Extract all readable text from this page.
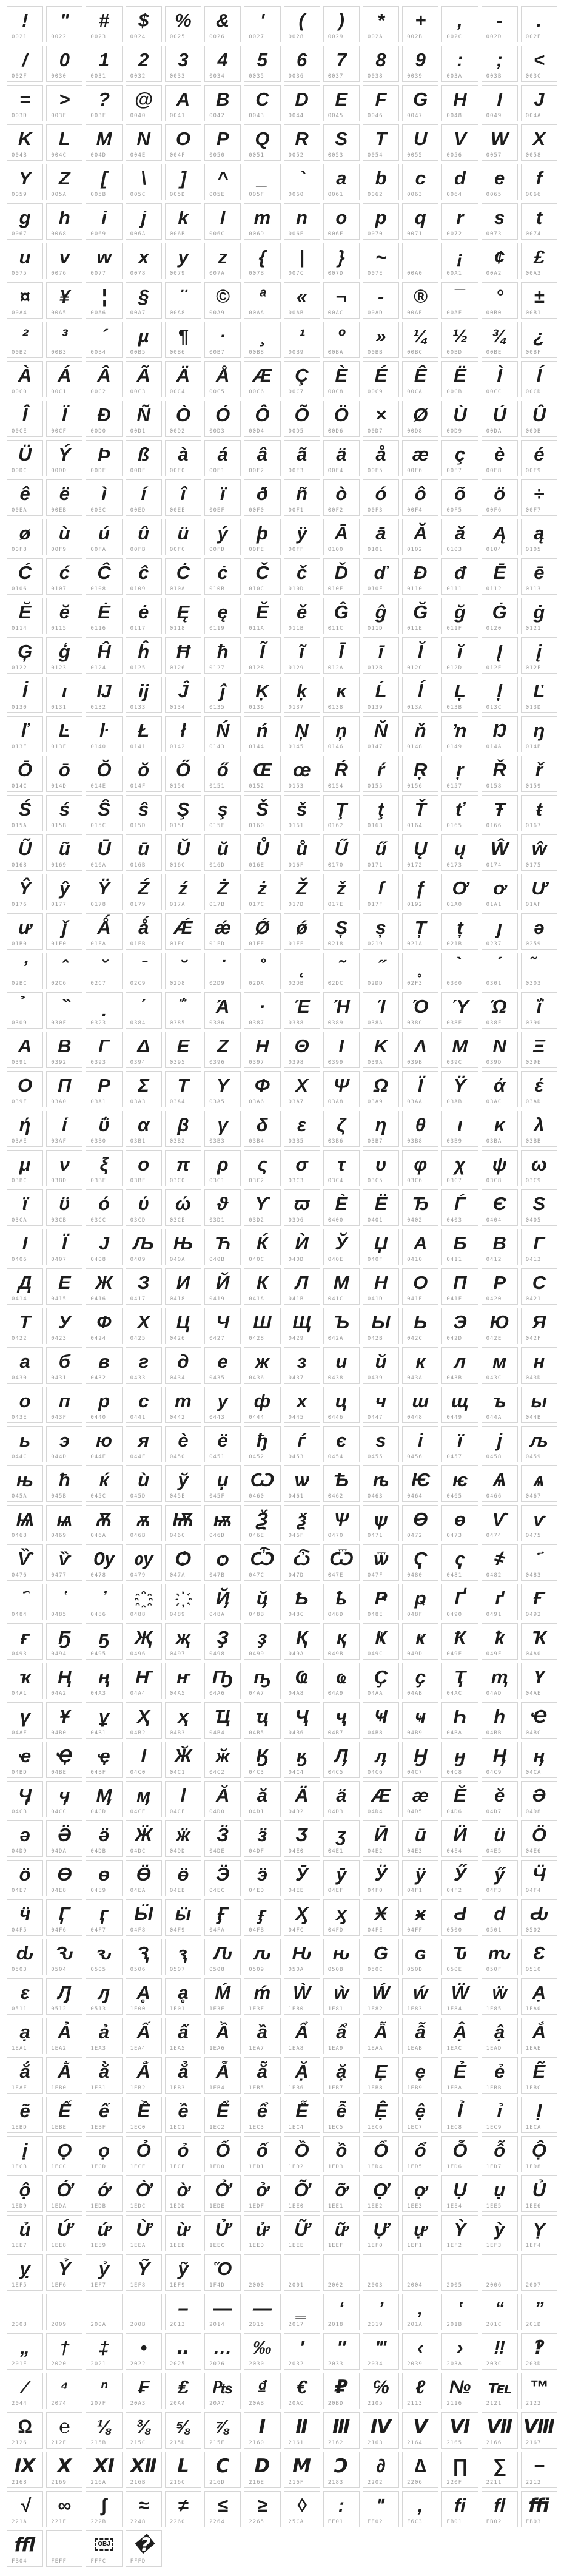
!
0021
"
0022
#
0023
$
0024
%
0025
&
0026
'
0027
(
0028
)
0029
*
002A
+
002B
,
002C
-
002D
.
002E
/
002F
0
0030
1
0031
2
0032
3
0033
4
0034
5
0035
6
0036
7
0037
8
0038
9
0039
:
003A
;
003B
<
003C
=
003D
>
003E
?
003F
@
0040
A
0041
B
0042
C
0043
D
0044
E
0045
F
0046
G
0047
H
0048
I
0049
J
004A
K
004B
L
004C
M
004D
N
004E
O
004F
P
0050
Q
0051
R
0052
S
0053
T
0054
U
0055
V
0056
W
0057
X
0058
Y
0059
Z
005A
[
005B
\
005C
]
005D
^
005E
_
005F
`
0060
a
0061
b
0062
c
0063
d
0064
e
0065
f
0066
g
0067
h
0068
i
0069
j
006A
k
006B
l
006C
m
006D
n
006E
o
006F
p
0070
q
0071
r
0072
s
0073
t
0074
u
0075
v
0076
w
0077
x
0078
y
0079
z
007A
{
007B
|
007C
}
007D
~
007E
	00A0
¡
00A1
¢
00A2
£
00A3
¤
00A4
¥
00A5
¦
00A6
§
00A7
¨
00A8
©
00A9
ª
00AA
«
00AB
¬
00AC
-
00AD
®
00AE
¯
00AF
°
00B0
±
00B1
²
00B2
³
00B3
´
00B4
µ
00B5
¶
00B6
·
00B7
¸
00B8
¹
00B9
º
00BA
»
00BB
¼
00BC
½
00BD
¾
00BE
¿
00BF
À
00C0
Á
00C1
Â
00C2
Ã
00C3
Ä
00C4
Å
00C5
Æ
00C6
Ç
00C7
È
00C8
É
00C9
Ê
00CA
Ë
00CB
Ì
00CC
Í
00CD
Î
00CE
Ï
00CF
Ð
00D0
Ñ
00D1
Ò
00D2
Ó
00D3
Ô
00D4
Õ
00D5
Ö
00D6
×
00D7
Ø
00D8
Ù
00D9
Ú
00DA
Û
00DB
Ü
00DC
Ý
00DD
Þ
00DE
ß
00DF
à
00E0
á
00E1
â
00E2
ã
00E3
ä
00E4
å
00E5
æ
00E6
ç
00E7
è
00E8
é
00E9
ê
00EA
ë
00EB
ì
00EC
í
00ED
î
00EE
ï
00EF
ð
00F0
ñ
00F1
ò
00F2
ó
00F3
ô
00F4
õ
00F5
ö
00F6
÷
00F7
ø
00F8
ù
00F9
ú
00FA
û
00FB
ü
00FC
ý
00FD
þ
00FE
ÿ
00FF
Ā
0100
ā
0101
Ă
0102
ă
0103
Ą
0104
ą
0105
Ć
0106
ć
0107
Ĉ
0108
ĉ
0109
Ċ
010A
ċ
010B
Č
010C
č
010D
Ď
010E
ď
010F
Đ
0110
đ
0111
Ē
0112
ē
0113
Ĕ
0114
ĕ
0115
Ė
0116
ė
0117
Ę
0118
ę
0119
Ě
011A
ě
011B
Ĝ
011C
ĝ
011D
Ğ
011E
ğ
011F
Ġ
0120
ġ
0121
Ģ
0122
ģ
0123
Ĥ
0124
ĥ
0125
Ħ
0126
ħ
0127
Ĩ
0128
ĩ
0129
Ī
012A
ī
012B
Ĭ
012C
ĭ
012D
Į
012E
į
012F
İ
0130
ı
0131
Ĳ
0132
ĳ
0133
Ĵ
0134
ĵ
0135
Ķ
0136
ķ
0137
ĸ
0138
Ĺ
0139
ĺ
013A
Ļ
013B
ļ
013C
Ľ
013D
ľ
013E
Ŀ
013F
ŀ
0140
Ł
0141
ł
0142
Ń
0143
ń
0144
Ņ
0145
ņ
0146
Ň
0147
ň
0148
ŉ
0149
Ŋ
014A
ŋ
014B
Ō
014C
ō
014D
Ŏ
014E
ŏ
014F
Ő
0150
ő
0151
Œ
0152
œ
0153
Ŕ
0154
ŕ
0155
Ŗ
0156
ŗ
0157
Ř
0158
ř
0159
Ś
015A
ś
015B
Ŝ
015C
ŝ
015D
Ş
015E
ş
015F
Š
0160
š
0161
Ţ
0162
ţ
0163
Ť
0164
ť
0165
Ŧ
0166
ŧ
0167
Ũ
0168
ũ
0169
Ū
016A
ū
016B
Ŭ
016C
ŭ
016D
Ů
016E
ů
016F
Ű
0170
ű
0171
Ų
0172
ų
0173
Ŵ
0174
ŵ
0175
Ŷ
0176
ŷ
0177
Ÿ
0178
Ź
0179
ź
017A
Ż
017B
ż
017C
Ž
017D
ž
017E
ſ
017F
ƒ
0192
Ơ
01A0
ơ
01A1
Ư
01AF
ư
01B0
ǰ
01F0
Ǻ
01FA
ǻ
01FB
Ǽ
01FC
ǽ
01FD
Ǿ
01FE
ǿ
01FF
Ș
0218
ș
0219
Ț
021A
ț
021B
ȷ
0237
ə
0259
ʼ
02BC
ˆ
02C6
ˇ
02C7
ˉ
02C9
˘
02D8
˙
02D9
˚
02DA
˛
02DB
˜
02DC
˝
02DD
˳
02F3	0300	0301	0303
0309	030F	0323
΄
0384
΅
0385
Ά
0386
·
0387
Έ
0388
Ή
0389
Ί
038A
Ό
038C
Ύ
038E
Ώ
038F
ΐ
0390
Α
0391
Β
0392
Γ
0393
Δ
0394
Ε
0395
Ζ
0396
Η
0397
Θ
0398
Ι
0399
Κ
039A
Λ
039B
Μ
039C
Ν
039D
Ξ
039E
Ο
039F
Π
03A0
Ρ
03A1
Σ
03A3
Τ
03A4
Υ
03A5
Φ
03A6
Χ
03A7
Ψ
03A8
Ω
03A9
Ϊ
03AA
Ϋ
03AB
ά
03AC
έ
03AD
ή
03AE
ί
03AF
ΰ
03B0
α
03B1
β
03B2
γ
03B3
δ
03B4
ε
03B5
ζ
03B6
η
03B7
θ
03B8
ι
03B9
κ
03BA
λ
03BB
μ
03BC
ν
03BD
ξ
03BE
ο
03BF
π
03C0
ρ
03C1
ς
03C2
σ
03C3
τ
03C4
υ
03C5
φ
03C6
χ
03C7
ψ
03C8
ω
03C9
ϊ
03CA
ϋ
03CB
ό
03CC
ύ
03CD
ώ
03CE
ϑ
03D1
ϒ
03D2
ϖ
03D6
Ѐ
0400
Ё
0401
Ђ
0402
Ѓ
0403
Є
0404
Ѕ
0405
І
0406
Ї
0407
Ј
0408
Љ
0409
Њ
040A
Ћ
040B
Ќ
040C
Ѝ
040D
Ў
040E
Џ
040F
А
0410
Б
0411
В
0412
Г
0413
Д
0414
Е
0415
Ж
0416
З
0417
И
0418
Й
0419
К
041A
Л
041B
М
041C
Н
041D
О
041E
П
041F
Р
0420
С
0421
Т
0422
У
0423
Ф
0424
Х
0425
Ц
0426
Ч
0427
Ш
0428
Щ
0429
Ъ
042A
Ы
042B
Ь
042C
Э
042D
Ю
042E
Я
042F
а
0430
б
0431
в
0432
г
0433
д
0434
е
0435
ж
0436
з
0437
и
0438
й
0439
к
043A
л
043B
м
043C
н
043D
о
043E
п
043F
р
0440
с
0441
т
0442
у
0443
ф
0444
х
0445
ц
0446
ч
0447
ш
0448
щ
0449
ъ
044A
ы
044B
ь
044C
э
044D
ю
044E
я
044F
ѐ
0450
ё
0451
ђ
0452
ѓ
0453
є
0454
ѕ
0455
і
0456
ї
0457
ј
0458
љ
0459
њ
045A
ћ
045B
ќ
045C
ѝ
045D
ў
045E
џ
045F
Ѡ
0460
ѡ
0461
Ѣ
0462
ѣ
0463
Ѥ
0464
ѥ
0465
Ѧ
0466
ѧ
0467
Ѩ
0468
ѩ
0469
Ѫ
046A
ѫ
046B
Ѭ
046C
ѭ
046D
Ѯ
046E
ѯ
046F
Ѱ
0470
ѱ
0471
Ѳ
0472
ѳ
0473
Ѵ
0474
ѵ
0475
Ѷ
0476
ѷ
0477
Ѹ
0478
ѹ
0479
Ѻ
047A
ѻ
047B
Ѽ
047C
ѽ
047D
Ѿ
047E
ѿ
047F
Ҁ
0480
ҁ
0481
҂
0482	0483
0484	0485	0486	0488	0489
Ҋ
048A
ҋ
048B
Ҍ
048C
ҍ
048D
Ҏ
048E
ҏ
048F
Ґ
0490
ґ
0491
Ғ
0492
ғ
0493
Ҕ
0494
ҕ
0495
Җ
0496
җ
0497
Ҙ
0498
ҙ
0499
Қ
049A
қ
049B
Ҝ
049C
ҝ
049D
Ҟ
049E
ҟ
049F
Ҡ
04A0
ҡ
04A1
Ң
04A2
ң
04A3
Ҥ
04A4
ҥ
04A5
Ҧ
04A6
ҧ
04A7
Ҩ
04A8
ҩ
04A9
Ҫ
04AA
ҫ
04AB
Ҭ
04AC
ҭ
04AD
Ү
04AE
ү
04AF
Ұ
04B0
ұ
04B1
Ҳ
04B2
ҳ
04B3
Ҵ
04B4
ҵ
04B5
Ҷ
04B6
ҷ
04B7
Ҹ
04B8
ҹ
04B9
Һ
04BA
һ
04BB
Ҽ
04BC
ҽ
04BD
Ҿ
04BE
ҿ
04BF
Ӏ
04C0
Ӂ
04C1
ӂ
04C2
Ӄ
04C3
ӄ
04C4
Ӆ
04C5
ӆ
04C6
Ӈ
04C7
ӈ
04C8
Ӊ
04C9
ӊ
04CA
Ӌ
04CB
ӌ
04CC
Ӎ
04CD
ӎ
04CE
ӏ
04CF
Ӑ
04D0
ӑ
04D1
Ӓ
04D2
ӓ
04D3
Ӕ
04D4
ӕ
04D5
Ӗ
04D6
ӗ
04D7
Ә
04D8
ә
04D9
Ӛ
04DA
ӛ
04DB
Ӝ
04DC
ӝ
04DD
Ӟ
04DE
ӟ
04DF
Ӡ
04E0
ӡ
04E1
Ӣ
04E2
ӣ
04E3
Ӥ
04E4
ӥ
04E5
Ӧ
04E6
ӧ
04E7
Ө
04E8
ө
04E9
Ӫ
04EA
ӫ
04EB
Ӭ
04EC
ӭ
04ED
Ӯ
04EE
ӯ
04EF
Ӱ
04F0
ӱ
04F1
Ӳ
04F2
ӳ
04F3
Ӵ
04F4
ӵ
04F5
Ӷ
04F6
ӷ
04F7
Ӹ
04F8
ӹ
04F9
Ӻ
04FA
ӻ
04FB
Ӽ
04FC
ӽ
04FD
Ӿ
04FE
ӿ
04FF
Ԁ
0500
ԁ
0501
Ԃ
0502
ԃ
0503
Ԅ
0504
ԅ
0505
Ԇ
0506
ԇ
0507
Ԉ
0508
ԉ
0509
Ԋ
050A
ԋ
050B
Ԍ
050C
ԍ
050D
Ԏ
050E
ԏ
050F
Ԑ
0510
ԑ
0511
Ԓ
0512
ԓ
0513
Ḁ
1E00
ḁ
1E01
Ḿ
1E3E
ḿ
1E3F
Ẁ
1E80
ẁ
1E81
Ẃ
1E82
ẃ
1E83
Ẅ
1E84
ẅ
1E85
Ạ
1EA0
ạ
1EA1
Ả
1EA2
ả
1EA3
Ấ
1EA4
ấ
1EA5
Ầ
1EA6
ầ
1EA7
Ẩ
1EA8
ẩ
1EA9
Ẫ
1EAA
ẫ
1EAB
Ậ
1EAC
ậ
1EAD
Ắ
1EAE
ắ
1EAF
Ằ
1EB0
ằ
1EB1
Ẳ
1EB2
ẳ
1EB3
Ẵ
1EB4
ẵ
1EB5
Ặ
1EB6
ặ
1EB7
Ẹ
1EB8
ẹ
1EB9
Ẻ
1EBA
ẻ
1EBB
Ẽ
1EBC
ẽ
1EBD
Ế
1EBE
ế
1EBF
Ề
1EC0
ề
1EC1
Ể
1EC2
ể
1EC3
Ễ
1EC4
ễ
1EC5
Ệ
1EC6
ệ
1EC7
Ỉ
1EC8
ỉ
1EC9
Ị
1ECA
ị
1ECB
Ọ
1ECC
ọ
1ECD
Ỏ
1ECE
ỏ
1ECF
Ố
1ED0
ố
1ED1
Ồ
1ED2
ồ
1ED3
Ổ
1ED4
ổ
1ED5
Ỗ
1ED6
ỗ
1ED7
Ộ
1ED8
ộ
1ED9
Ớ
1EDA
ớ
1EDB
Ờ
1EDC
ờ
1EDD
Ở
1EDE
ở
1EDF
Ỡ
1EE0
ỡ
1EE1
Ợ
1EE2
ợ
1EE3
Ụ
1EE4
ụ
1EE5
Ủ
1EE6
ủ
1EE7
Ứ
1EE8
ứ
1EE9
Ừ
1EEA
ừ
1EEB
Ử
1EEC
ử
1EED
Ữ
1EEE
ữ
1EEF
Ự
1EF0
ự
1EF1
Ỳ
1EF2
ỳ
1EF3
Ỵ
1EF4
ỵ
1EF5
Ỷ
1EF6
ỷ
1EF7
Ỹ
1EF8
ỹ
1EF9
Ὅ
1F4D
 	2000
 	2001
 	2002
 	2003
 	2004
 	2005
 	2006
 	2007

2008
 	2009
 	200A	200B
–
2013
—
2014
―
2015
‗
2017
‘
2018
’
2019
‚
201A
‛
201B
“
201C
”
201D
„
201E
†
2020
‡
2021
•
2022
‥
2025
…
2026
‰
2030
′
2032
″
2033
‴
2034
‹
2039
›
203A
‼
203C
‽
203D
⁄
2044
⁴
2074
ⁿ
207F
₣
20A3
₤
20A4
₧
20A7
₫
20AB
€
20AC
₽
20BD
℅
2105
ℓ
2113
№
2116
℡
2121
™
2122
Ω
2126
℮
212E
⅛
215B
⅜
215C
⅝
215D
⅞
215E
Ⅰ
2160
Ⅱ
2161
Ⅲ
2162
Ⅳ
2163
Ⅴ
2164
Ⅵ
2165
Ⅶ
2166
Ⅷ
2167
Ⅸ
2168
Ⅹ
2169
Ⅺ
216A
Ⅻ
216B
Ⅼ
216C
Ⅽ
216D
Ⅾ
216E
Ⅿ
216F
Ↄ
2183
∂
2202
∆
2206
∏
220F
∑
2211
−
2212
√
221A
∞
221E
∫
222B
≈
2248
≠
2260
≤
2264
≥
2265
◊
25CA
:
EE01
ʺ
EE02
,
F6C3
ﬁ
FB01
ﬂ
FB02
ﬃ
FB03
ﬄ
FB04	FEFF
OBJ
FFFC
�
FFFD
